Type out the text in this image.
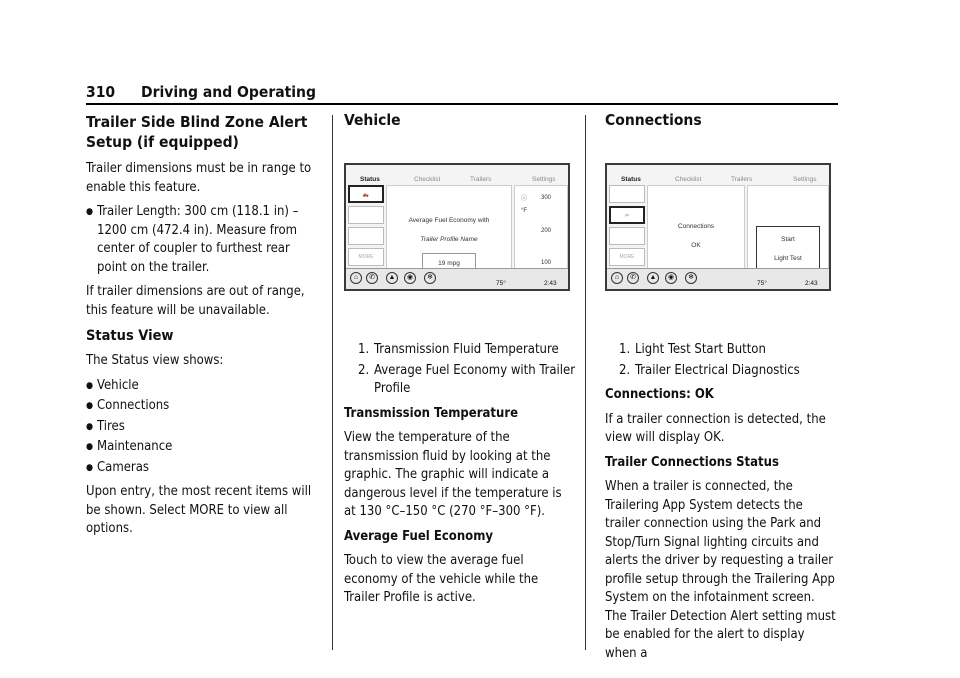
310 Driving and Operating
Trailer Side Blind Zone Alert Setup (if equipped)

Trailer dimensions must be in range to enable this feature.

● Trailer Length: 300 cm (118.1 in) – 1200 cm (472.4 in). Measure from center of coupler to furthest rear point on the trailer.

If trailer dimensions are out of range, this feature will be unavailable.

Status View

The Status view shows:

● Vehicle
● Connections
● Tires
● Maintenance
● Cameras

Upon entry, the most recent items will be shown. Select MORE to view all options.

Vehicle
Status	Checklist	Trailers	Settings
🛻
MORE
Average Fuel Economy with
Trailer Profile Name
19 mpg
ⓘ
°F
300
200
100
⌂	✆	▲	◉	❄
75°	2:43
1. Transmission Fluid Temperature
2. Average Fuel Economy with Trailer Profile

Transmission Temperature

View the temperature of the transmission fluid by looking at the graphic. The graphic will indicate a dangerous level if the temperature is at 130 °C–150 °C (270 °F–300 °F).

Average Fuel Economy

Touch to view the average fuel economy of the vehicle while the Trailer Profile is active.

Connections
Status	Checklist	Trailers	Settings
⇄
MORE
Connections
OK
Start
Light Test
⌂	✆	▲	◉	❄
75°	2:43
1. Light Test Start Button
2. Trailer Electrical Diagnostics

Connections: OK

If a trailer connection is detected, the view will display OK.

Trailer Connections Status

When a trailer is connected, the Trailering App System detects the trailer connection using the Park and Stop/Turn Signal lighting circuits and alerts the driver by requesting a trailer profile setup through the Trailering App System on the infotainment screen. The Trailer Detection Alert setting must be enabled for the alert to display when a
